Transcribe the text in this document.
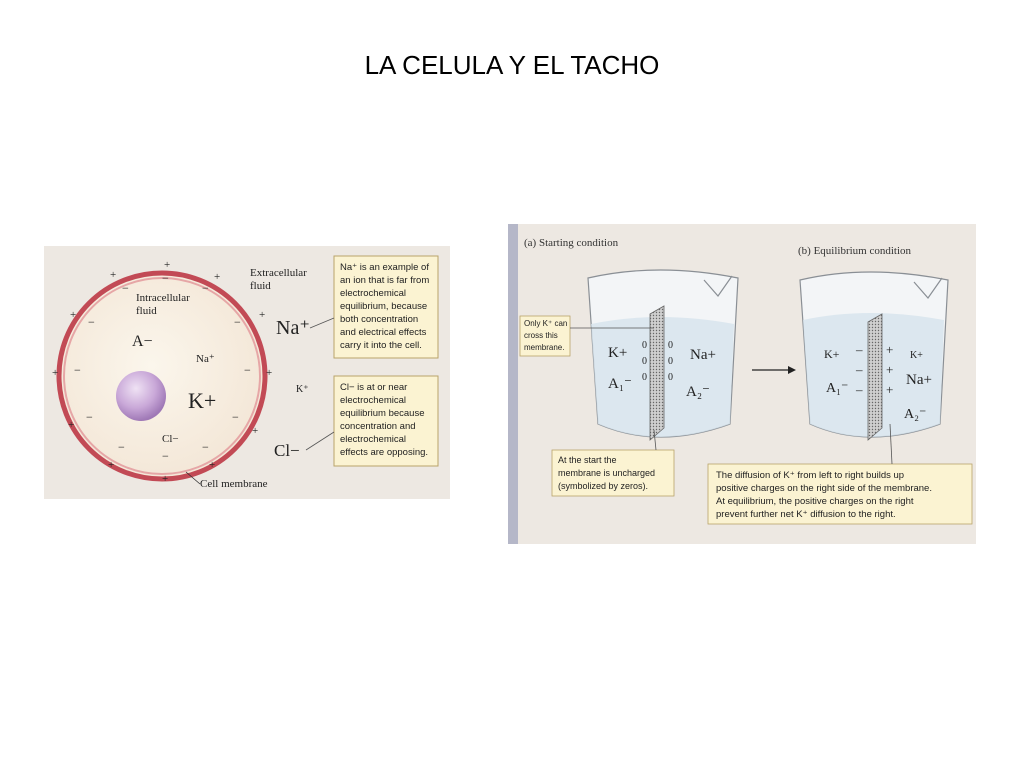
LA CELULA Y EL TACHO
+
+
+
+	+
+	+
+	+
+	+
+
−
−
−
−	−
−	−
−	−
−	−
−
Extracellular
fluid
Intracellular
fluid
A−
Na⁺
K+
Cl−
Na⁺
K⁺
Cl−
Cell membrane
Na⁺ is an example of
an ion that is far from
electrochemical
equilibrium, because
both concentration
and electrical effects
carry it into the cell.
Cl− is at or near
electrochemical
equilibrium because
concentration and
electrochemical
effects are opposing.
(a) Starting condition
(b) Equilibrium condition
0
0
0
0
0
0
K+	Na+
A₁⁻	A₂⁻
Only K⁺ can
cross this
membrane.	–
–
–
+
+
+
K+	K+
Na+
A₁⁻
A₂⁻
At the start the
membrane is uncharged
(symbolized by zeros).
The diffusion of K⁺ from left to right builds up
positive charges on the right side of the membrane.
At equilibrium, the positive charges on the right
prevent further net K⁺ diffusion to the right.
